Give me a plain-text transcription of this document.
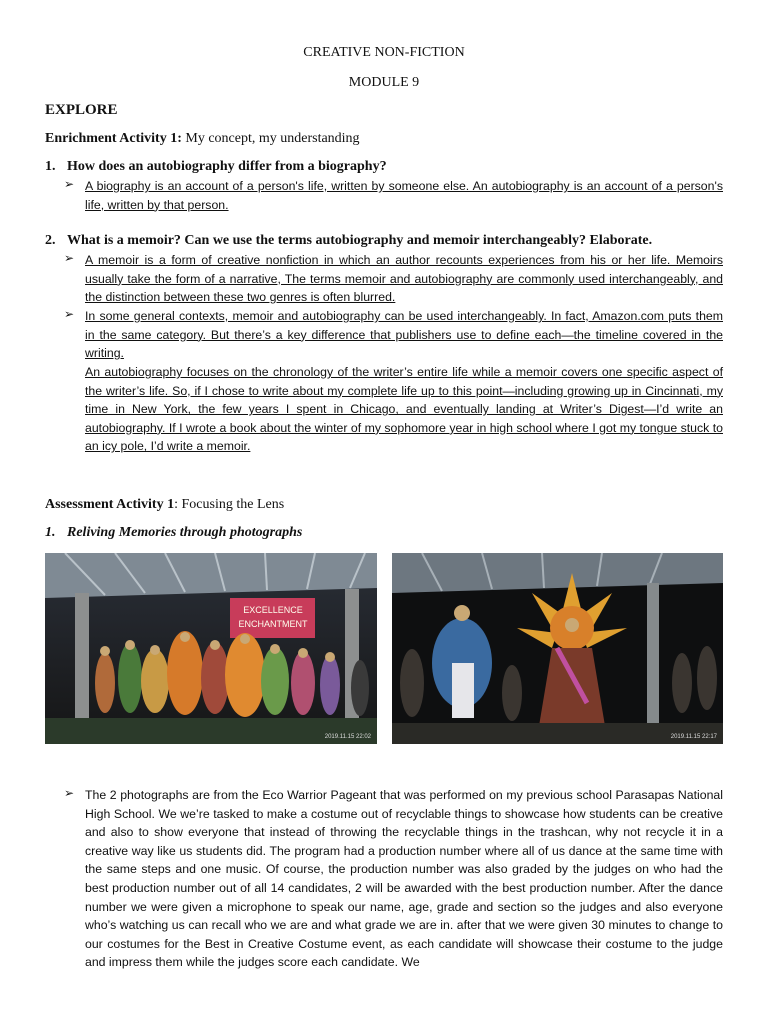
CREATIVE NON-FICTION
MODULE 9
EXPLORE
Enrichment Activity 1: My concept, my understanding
1. How does an autobiography differ from a biography?
➢ A biography is an account of a person's life, written by someone else. An autobiography is an account of a person's life, written by that person.
2. What is a memoir? Can we use the terms autobiography and memoir interchangeably? Elaborate.
➢ A memoir is a form of creative nonfiction in which an author recounts experiences from his or her life. Memoirs usually take the form of a narrative, The terms memoir and autobiography are commonly used interchangeably, and the distinction between these two genres is often blurred.
➢ In some general contexts, memoir and autobiography can be used interchangeably. In fact, Amazon.com puts them in the same category. But there’s a key difference that publishers use to define each—the timeline covered in the writing.
An autobiography focuses on the chronology of the writer’s entire life while a memoir covers one specific aspect of the writer’s life. So, if I chose to write about my complete life up to this point—including growing up in Cincinnati, my time in New York, the few years I spent in Chicago, and eventually landing at Writer’s Digest—I’d write an autobiography. If I wrote a book about the winter of my sophomore year in high school where I got my tongue stuck to an icy pole, I’d write a memoir.
Assessment Activity 1: Focusing the Lens
1. Reliving Memories through photographs
EXCELLENCE
ENCHANTMENT
2019.11.15 22:02	2019.11.15 22:17
➢ The 2 photographs are from the Eco Warrior Pageant that was performed on my previous school Parasapas National High School. We we’re tasked to make a costume out of recyclable things to showcase how students can be creative and also to show everyone that instead of throwing the recyclable things in the trashcan, why not recycle it in a creative way like us students did. The program had a production number where all of us dance at the same time with the same steps and one music. Of course, the production number was also graded by the judges on who had the best production number out of all 14 candidates, 2 will be awarded with the best production number. After the dance number we were given a microphone to speak our name, age, grade and section so the judges and also everyone who’s watching us can recall who we are and what grade we are in. after that we were given 30 minutes to change to our costumes for the Best in Creative Costume event, as each candidate will showcase their costume to the judge and impress them while the judges score each candidate. We
